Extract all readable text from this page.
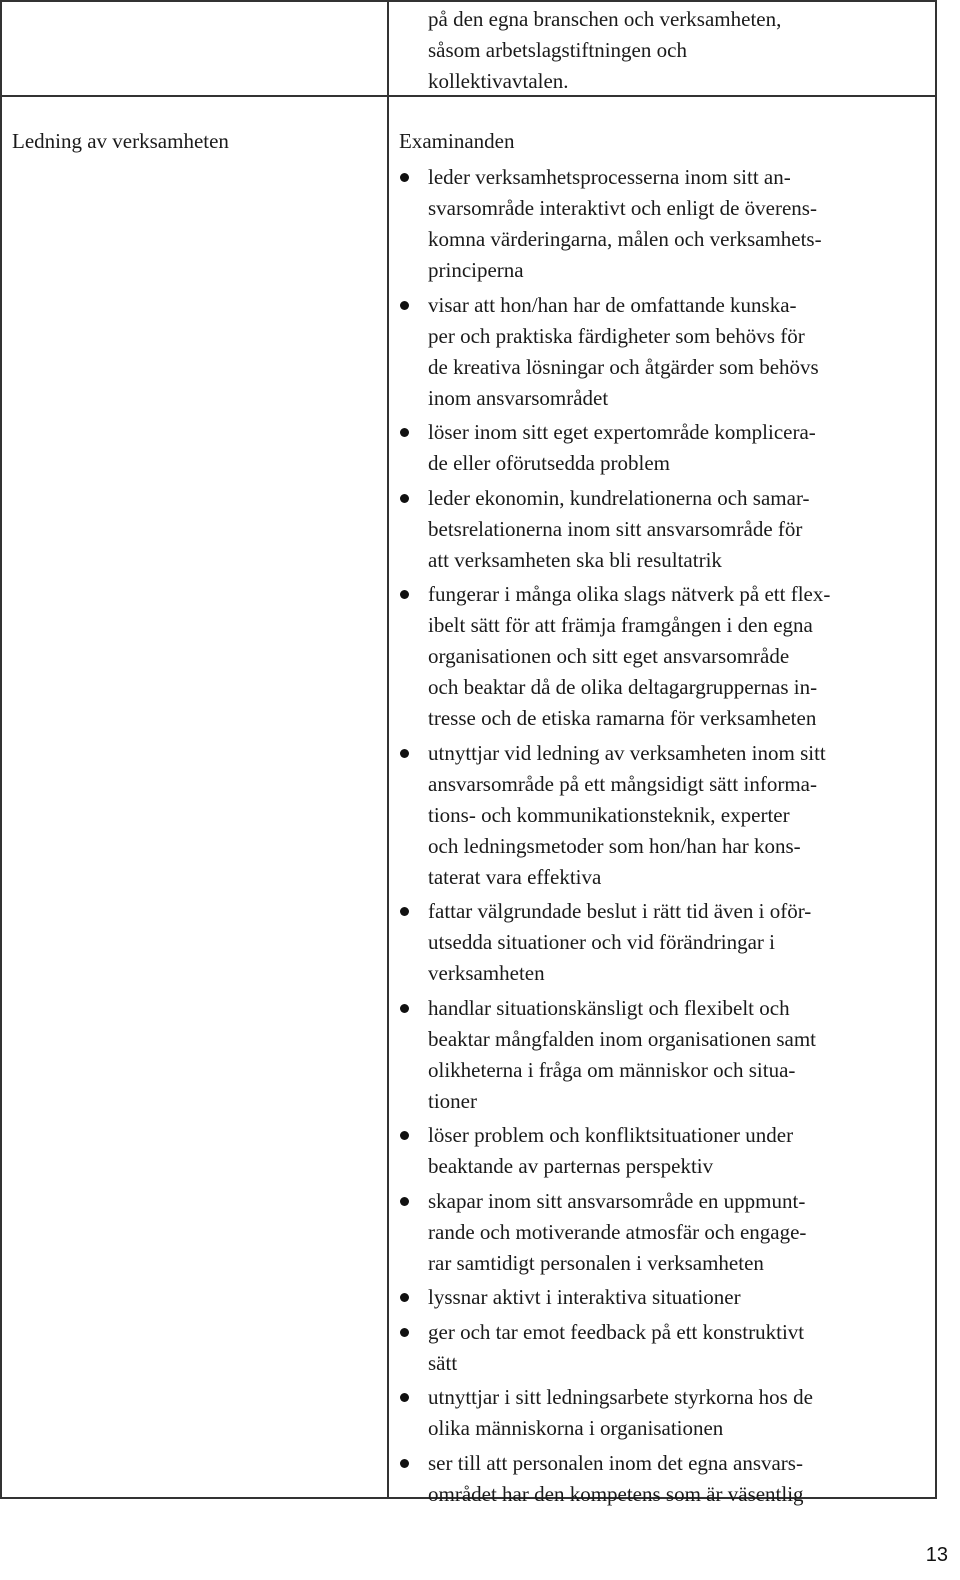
på den egna branschen och verksamheten,
såsom arbetslagstiftningen och
kollektivavtalen.
Ledning av verksamheten	Examinanden
leder verksamhetsprocesserna inom sitt an-
svarsområde interaktivt och enligt de överens-
komna värderingarna, målen och verksamhets-
principerna
visar att hon/han har de omfattande kunska-
per och praktiska färdigheter som behövs för
de kreativa lösningar och åtgärder som behövs
inom ansvarsområdet
löser inom sitt eget expertområde komplicera-
de eller oförutsedda problem
leder ekonomin, kundrelationerna och samar-
betsrelationerna inom sitt ansvarsområde för
att verksamheten ska bli resultatrik
fungerar i många olika slags nätverk på ett flex-
ibelt sätt för att främja framgången i den egna
organisationen och sitt eget ansvarsområde
och beaktar då de olika deltagargruppernas in-
tresse och de etiska ramarna för verksamheten
utnyttjar vid ledning av verksamheten inom sitt
ansvarsområde på ett mångsidigt sätt informa-
tions- och kommunikationsteknik, experter
och ledningsmetoder som hon/han har kons-
taterat vara effektiva
fattar välgrundade beslut i rätt tid även i oför-
utsedda situationer och vid förändringar i
verksamheten
handlar situationskänsligt och flexibelt och
beaktar mångfalden inom organisationen samt
olikheterna i fråga om människor och situa-
tioner
löser problem och konfliktsituationer under
beaktande av parternas perspektiv
skapar inom sitt ansvarsområde en uppmunt-
rande och motiverande atmosfär och engage-
rar samtidigt personalen i verksamheten
lyssnar aktivt i interaktiva situationer
ger och tar emot feedback på ett konstruktivt
sätt
utnyttjar i sitt ledningsarbete styrkorna hos de
olika människorna i organisationen
ser till att personalen inom det egna ansvars-
området har den kompetens som är väsentlig
13
